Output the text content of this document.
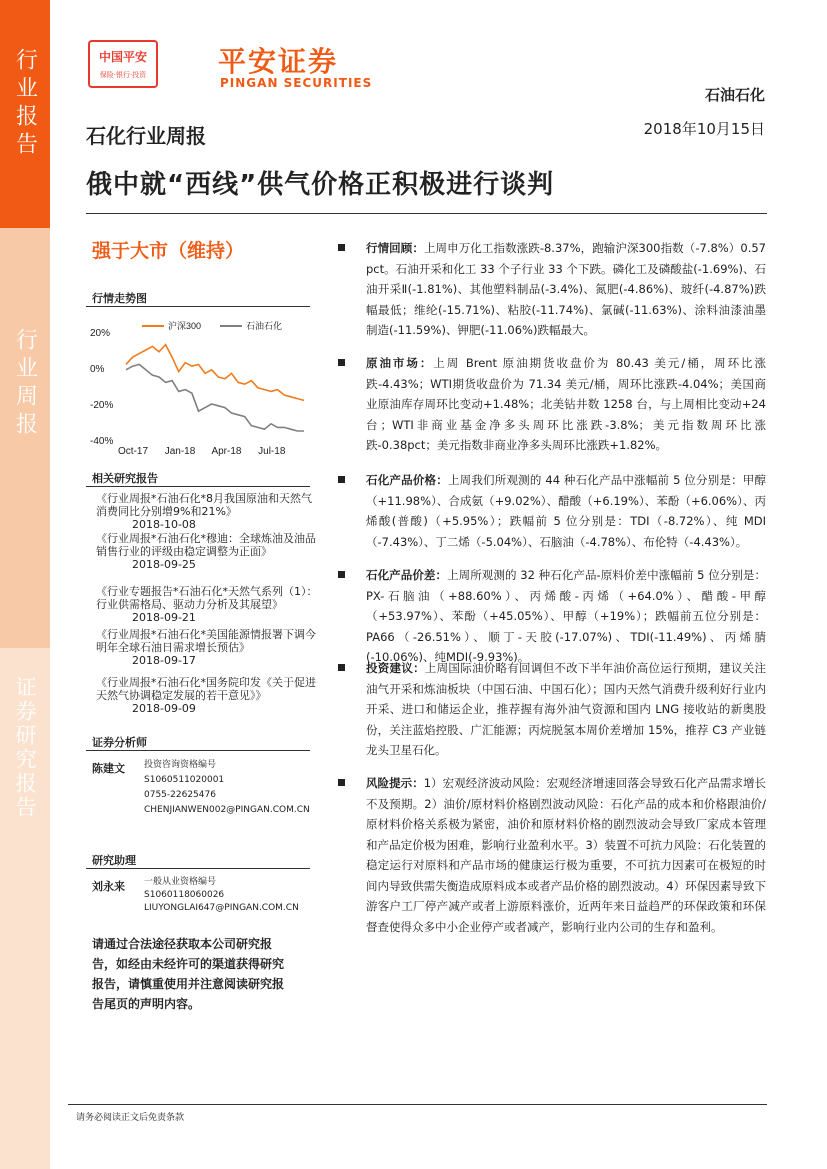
行业报告
行业周报
证券研究报告
中国平安
保险·银行·投资	平安证券
PINGAN SECURITIES
石油石化
2018年10月15日
石化行业周报
俄中就“西线”供气价格正积极进行谈判
强于大市（维持）
行情走势图
20%
0%
-20%
-40%
Oct-17 Jan-18 Apr-18 Jul-18
沪深300	石油石化
相关研究报告
《行业周报*石油石化*8月我国原油和天然气消费同比分别增9%和21%》
2018-10-08
《行业周报*石油石化*穆迪：全球炼油及油品销售行业的评级由稳定调整为正面》
2018-09-25
《行业专题报告*石油石化*天然气系列（1）：行业供需格局、驱动力分析及其展望》
2018-09-21
《行业周报*石油石化*美国能源情报署下调今明年全球石油日需求增长预估》
2018-09-17
《行业周报*石油石化*国务院印发《关于促进天然气协调稳定发展的若干意见》》
2018-09-09
证券分析师
陈建文 投资咨询资格编号
S1060511020001
0755-22625476
CHENJIANWEN002@PINGAN.COM.CN
研究助理
刘永来 一般从业资格编号
S1060118060026
LIUYONGLAI647@PINGAN.COM.CN
请通过合法途径获取本公司研究报告，如经由未经许可的渠道获得研究报告，请慎重使用并注意阅读研究报告尾页的声明内容。
行情回顾：上周申万化工指数涨跌-8.37%，跑输沪深300指数（-7.8%）0.57 pct。石油开采和化工 33 个子行业 33 个下跌。磷化工及磷酸盐(-1.69%)、石油开采Ⅱ(-1.81%)、其他塑料制品(-3.4%)、氮肥(-4.86%)、玻纤(-4.87%)跌幅最低；维纶(-15.71%)、粘胶(-11.74%)、氯碱(-11.63%)、涂料油漆油墨制造(-11.59%)、钾肥(-11.06%)跌幅最大。
原油市场：上周 Brent 原油期货收盘价为 80.43 美元/桶，周环比涨跌-4.43%；WTI期货收盘价为 71.34 美元/桶，周环比涨跌-4.04%；美国商业原油库存周环比变动+1.48%；北美钻井数 1258 台，与上周相比变动+24台；WTI非商业基金净多头周环比涨跌-3.8%；美元指数周环比涨跌-0.38pct；美元指数非商业净多头周环比涨跌+1.82%。
石化产品价格：上周我们所观测的 44 种石化产品中涨幅前 5 位分别是：甲醇（+11.98%）、合成氨（+9.02%）、醋酸（+6.19%）、苯酚（+6.06%）、丙烯酸(普酸)（+5.95%）；跌幅前 5 位分别是：TDI（-8.72%）、纯 MDI（-7.43%）、丁二烯（-5.04%）、石脑油（-4.78%）、布伦特（-4.43%）。
石化产品价差：上周所观测的 32 种石化产品-原料价差中涨幅前 5 位分别是：PX-石脑油（+88.60%）、丙烯酸-丙烯（+64.0%）、醋酸-甲醇（+53.97%）、苯酚（+45.05%）、甲醇（+19%）；跌幅前五位分别是：PA66（-26.51%）、顺丁-天胶(-17.07%)、TDI(-11.49%)、丙烯腈(-10.06%)、纯MDI(-9.93%)。
投资建议：上周国际油价略有回调但不改下半年油价高位运行预期，建议关注油气开采和炼油板块（中国石油、中国石化）；国内天然气消费升级利好行业内开采、进口和储运企业，推荐握有海外油气资源和国内 LNG 接收站的新奥股份，关注蓝焰控股、广汇能源；丙烷脱氢本周价差增加 15%，推荐 C3 产业链龙头卫星石化。
风险提示：1）宏观经济波动风险：宏观经济增速回落会导致石化产品需求增长不及预期。2）油价/原材料价格剧烈波动风险：石化产品的成本和价格跟油价/原材料价格关系极为紧密，油价和原材料价格的剧烈波动会导致厂家成本管理和产品定价极为困难，影响行业盈利水平。3）装置不可抗力风险：石化装置的稳定运行对原料和产品市场的健康运行极为重要，不可抗力因素可在极短的时间内导致供需失衡造成原料成本或者产品价格的剧烈波动。4）环保因素导致下游客户工厂停产减产或者上游原料涨价，近两年来日益趋严的环保政策和环保督查使得众多中小企业停产或者减产，影响行业内公司的生存和盈利。
请务必阅读正文后免责条款
